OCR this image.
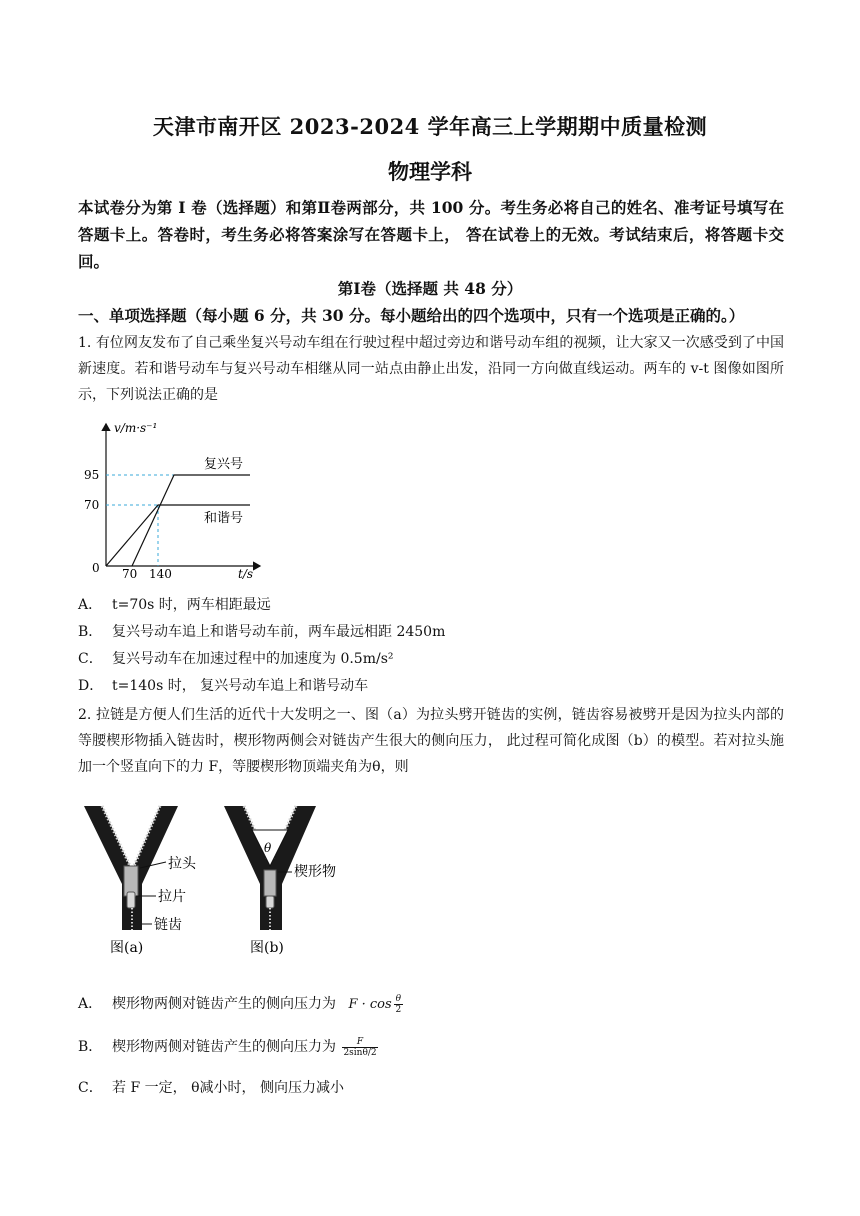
天津市南开区 2023-2024 学年高三上学期期中质量检测
物理学科
本试卷分为第 I 卷（选择题）和第Ⅱ卷两部分，共 100 分。考生务必将自己的姓名、准考证号填写在答题卡上。答卷时，考生务必将答案涂写在答题卡上， 答在试卷上的无效。考试结束后，将答题卡交回。
第Ⅰ卷（选择题 共 48 分）
一、单项选择题（每小题 6 分，共 30 分。每小题给出的四个选项中，只有一个选项是正确的。）
1. 有位网友发布了自己乘坐复兴号动车组在行驶过程中超过旁边和谐号动车组的视频，让大家又一次感受到了中国新速度。若和谐号动车与复兴号动车相继从同一站点由静止出发，沿同一方向做直线运动。两车的 v-t 图像如图所示，下列说法正确的是
v/m·s⁻¹
t/s
0
95
70
70 140
复兴号
和谐号
A． t=70s 时，两车相距最远
B． 复兴号动车追上和谐号动车前，两车最远相距 2450m
C． 复兴号动车在加速过程中的加速度为 0.5m/s²
D． t=140s 时， 复兴号动车追上和谐号动车
2. 拉链是方便人们生活的近代十大发明之一、图（a）为拉头劈开链齿的实例，链齿容易被劈开是因为拉头内部的等腰楔形物插入链齿时，楔形物两侧会对链齿产生很大的侧向压力， 此过程可简化成图（b）的模型。若对拉头施加一个竖直向下的力 F，等腰楔形物顶端夹角为θ，则
拉头
拉片
链齿
图(a)
θ
楔形物
图(b)
A． 楔形物两侧对链齿产生的侧向压力为 $F \cdot \cos \frac{\theta}{2}$
B． 楔形物两侧对链齿产生的侧向压力为 $\frac{F}{2\sin\theta/2}$
C． 若 F 一定， θ减小时， 侧向压力减小
